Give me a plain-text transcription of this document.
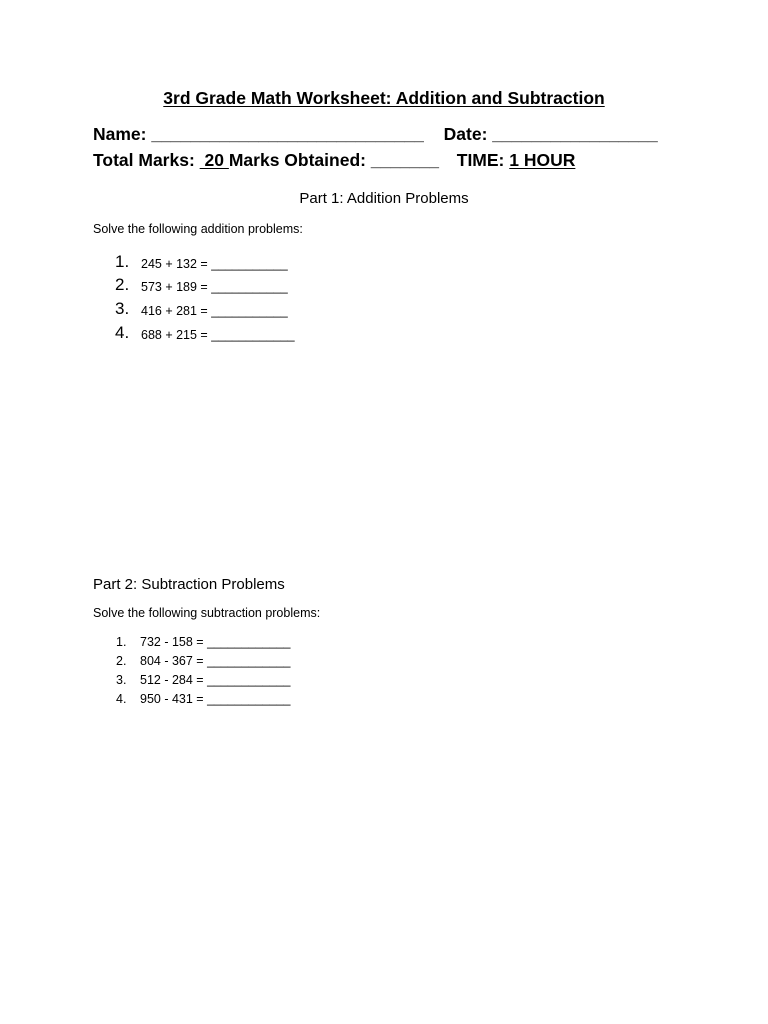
3rd Grade Math Worksheet: Addition and Subtraction
Name: ____________________________ Date: _________________
Total Marks:  20 Marks Obtained: _______ TIME: 1 HOUR
Part 1: Addition Problems
Solve the following addition problems:
1. 245 + 132 = ___________
2. 573 + 189 = ___________
3. 416 + 281 = ___________
4. 688 + 215 = ____________
Part 2: Subtraction Problems
Solve the following subtraction problems:
1. 732 - 158 = ____________
2. 804 - 367 = ____________
3. 512 - 284 = ____________
4. 950 - 431 = ____________
